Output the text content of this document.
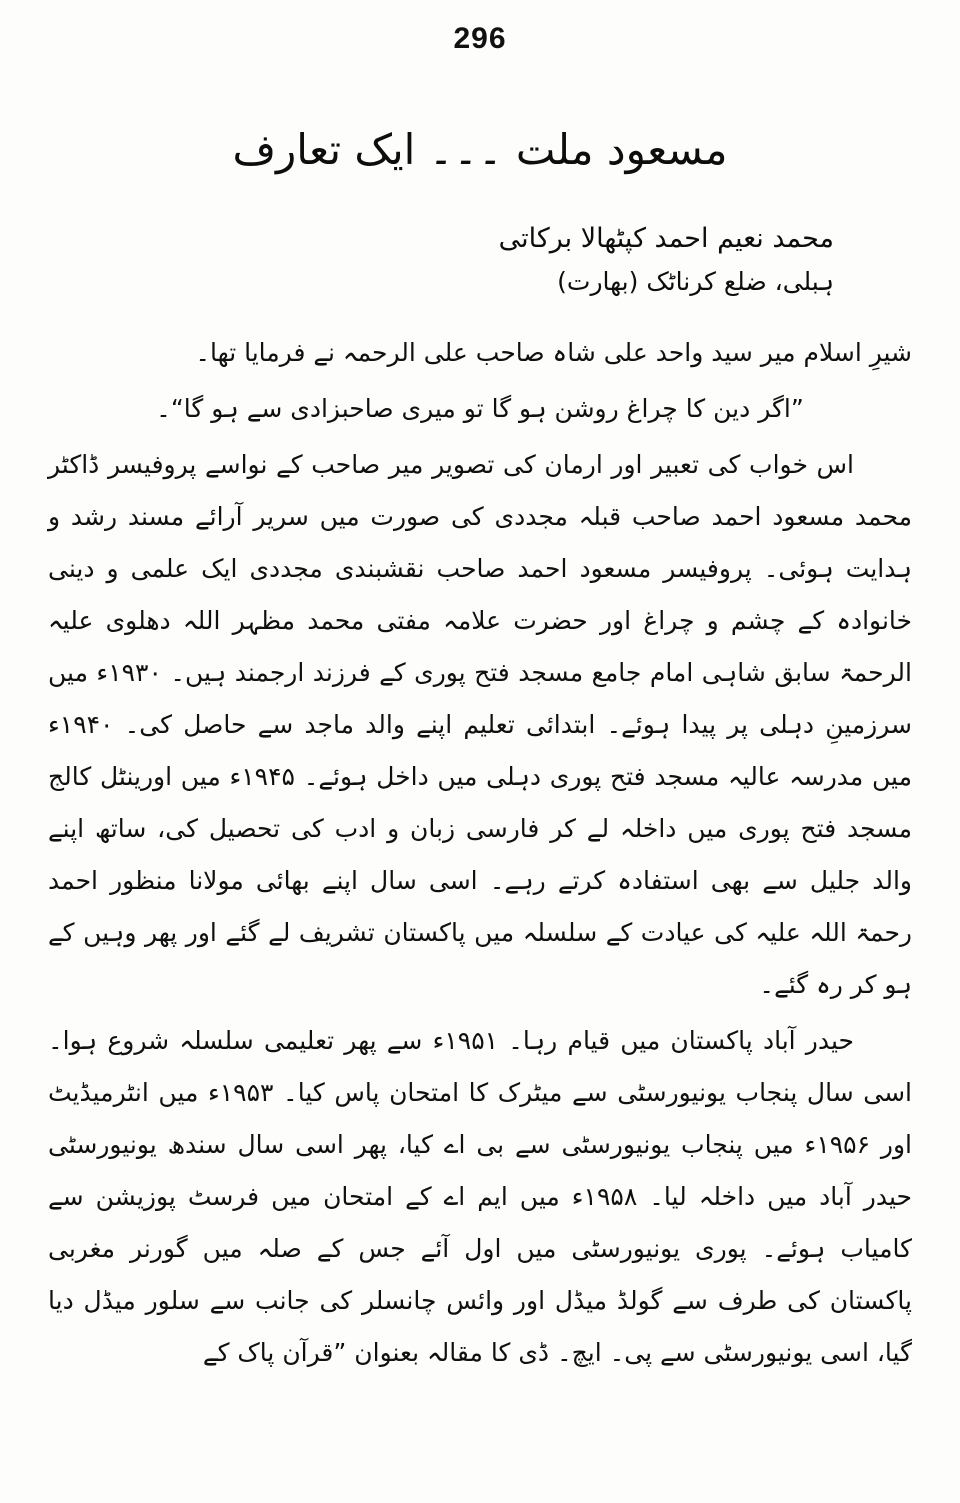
296
مسعود ملت ۔۔۔ ایک تعارف
محمد نعیم احمد کپٹھالا برکاتی
ہبلی، ضلع کرناٹک (بھارت)

شیرِ اسلام میر سید واحد علی شاہ صاحب علی الرحمہ نے فرمایا تھا۔

”اگر دین کا چراغ روشن ہو گا تو میری صاحبزادی سے ہو گا“۔

اس خواب کی تعبیر اور ارمان کی تصویر میر صاحب کے نواسے پروفیسر ڈاکٹر محمد مسعود احمد صاحب قبلہ مجددی کی صورت میں سریر آرائے مسند رشد و ہدایت ہوئی۔ پروفیسر مسعود احمد صاحب نقشبندی مجددی ایک علمی و دینی خانوادہ کے چشم و چراغ اور حضرت علامہ مفتی محمد مظہر اللہ دھلوی علیہ الرحمۃ سابق شاہی امام جامع مسجد فتح پوری کے فرزند ارجمند ہیں۔ ۱۹۳۰ء میں سرزمینِ دہلی پر پیدا ہوئے۔ ابتدائی تعلیم اپنے والد ماجد سے حاصل کی۔ ۱۹۴۰ء میں مدرسہ عالیہ مسجد فتح پوری دہلی میں داخل ہوئے۔ ۱۹۴۵ء میں اورینٹل کالج مسجد فتح پوری میں داخلہ لے کر فارسی زبان و ادب کی تحصیل کی، ساتھ اپنے والد جلیل سے بھی استفادہ کرتے رہے۔ اسی سال اپنے بھائی مولانا منظور احمد رحمۃ اللہ علیہ کی عیادت کے سلسلہ میں پاکستان تشریف لے گئے اور پھر وہیں کے ہو کر رہ گئے۔

حیدر آباد پاکستان میں قیام رہا۔ ۱۹۵۱ء سے پھر تعلیمی سلسلہ شروع ہوا۔ اسی سال پنجاب یونیورسٹی سے میٹرک کا امتحان پاس کیا۔ ۱۹۵۳ء میں انٹرمیڈیٹ اور ۱۹۵۶ء میں پنجاب یونیورسٹی سے بی اے کیا، پھر اسی سال سندھ یونیورسٹی حیدر آباد میں داخلہ لیا۔ ۱۹۵۸ء میں ایم اے کے امتحان میں فرسٹ پوزیشن سے کامیاب ہوئے۔ پوری یونیورسٹی میں اول آئے جس کے صلہ میں گورنر مغربی پاکستان کی طرف سے گولڈ میڈل اور وائس چانسلر کی جانب سے سلور میڈل دیا گیا، اسی یونیورسٹی سے پی۔ ایچ۔ ڈی کا مقالہ بعنوان ”قرآن پاک کے
